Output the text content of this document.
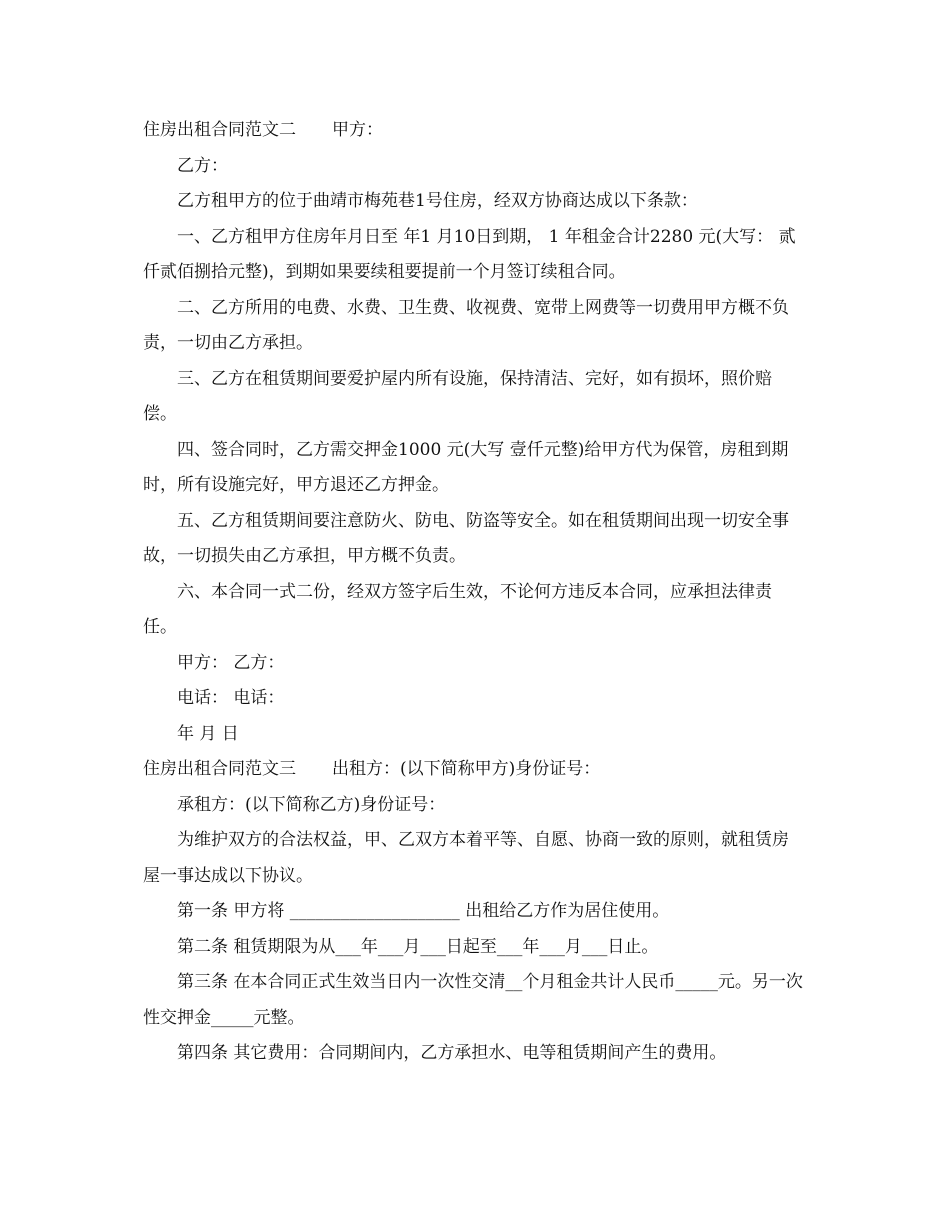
住房出租合同范文二 甲方：

乙方：

乙方租甲方的位于曲靖市梅苑巷1号住房，经双方协商达成以下条款：

一、乙方租甲方住房年月日至 年1 月10日到期， 1 年租金合计2280 元(大写： 贰仟贰佰捌拾元整)，到期如果要续租要提前一个月签订续租合同。

二、乙方所用的电费、水费、卫生费、收视费、宽带上网费等一切费用甲方概不负责，一切由乙方承担。

三、乙方在租赁期间要爱护屋内所有设施，保持清洁、完好，如有损坏，照价赔偿。

四、签合同时，乙方需交押金1000 元(大写 壹仟元整)给甲方代为保管，房租到期时，所有设施完好，甲方退还乙方押金。

五、乙方租赁期间要注意防火、防电、防盗等安全。如在租赁期间出现一切安全事故，一切损失由乙方承担，甲方概不负责。

六、本合同一式二份，经双方签字后生效，不论何方违反本合同，应承担法律责任。

甲方： 乙方：

电话： 电话：

年 月 日

住房出租合同范文三 出租方：(以下简称甲方)身份证号：

承租方：(以下简称乙方)身份证号：

为维护双方的合法权益，甲、乙双方本着平等、自愿、协商一致的原则，就租赁房屋一事达成以下协议。

第一条 甲方将 ____________________ 出租给乙方作为居住使用。

第二条 租赁期限为从___年___月___日起至___年___月___日止。

第三条 在本合同正式生效当日内一次性交清__个月租金共计人民币_____元。另一次性交押金_____元整。

第四条 其它费用：合同期间内，乙方承担水、电等租赁期间产生的费用。
